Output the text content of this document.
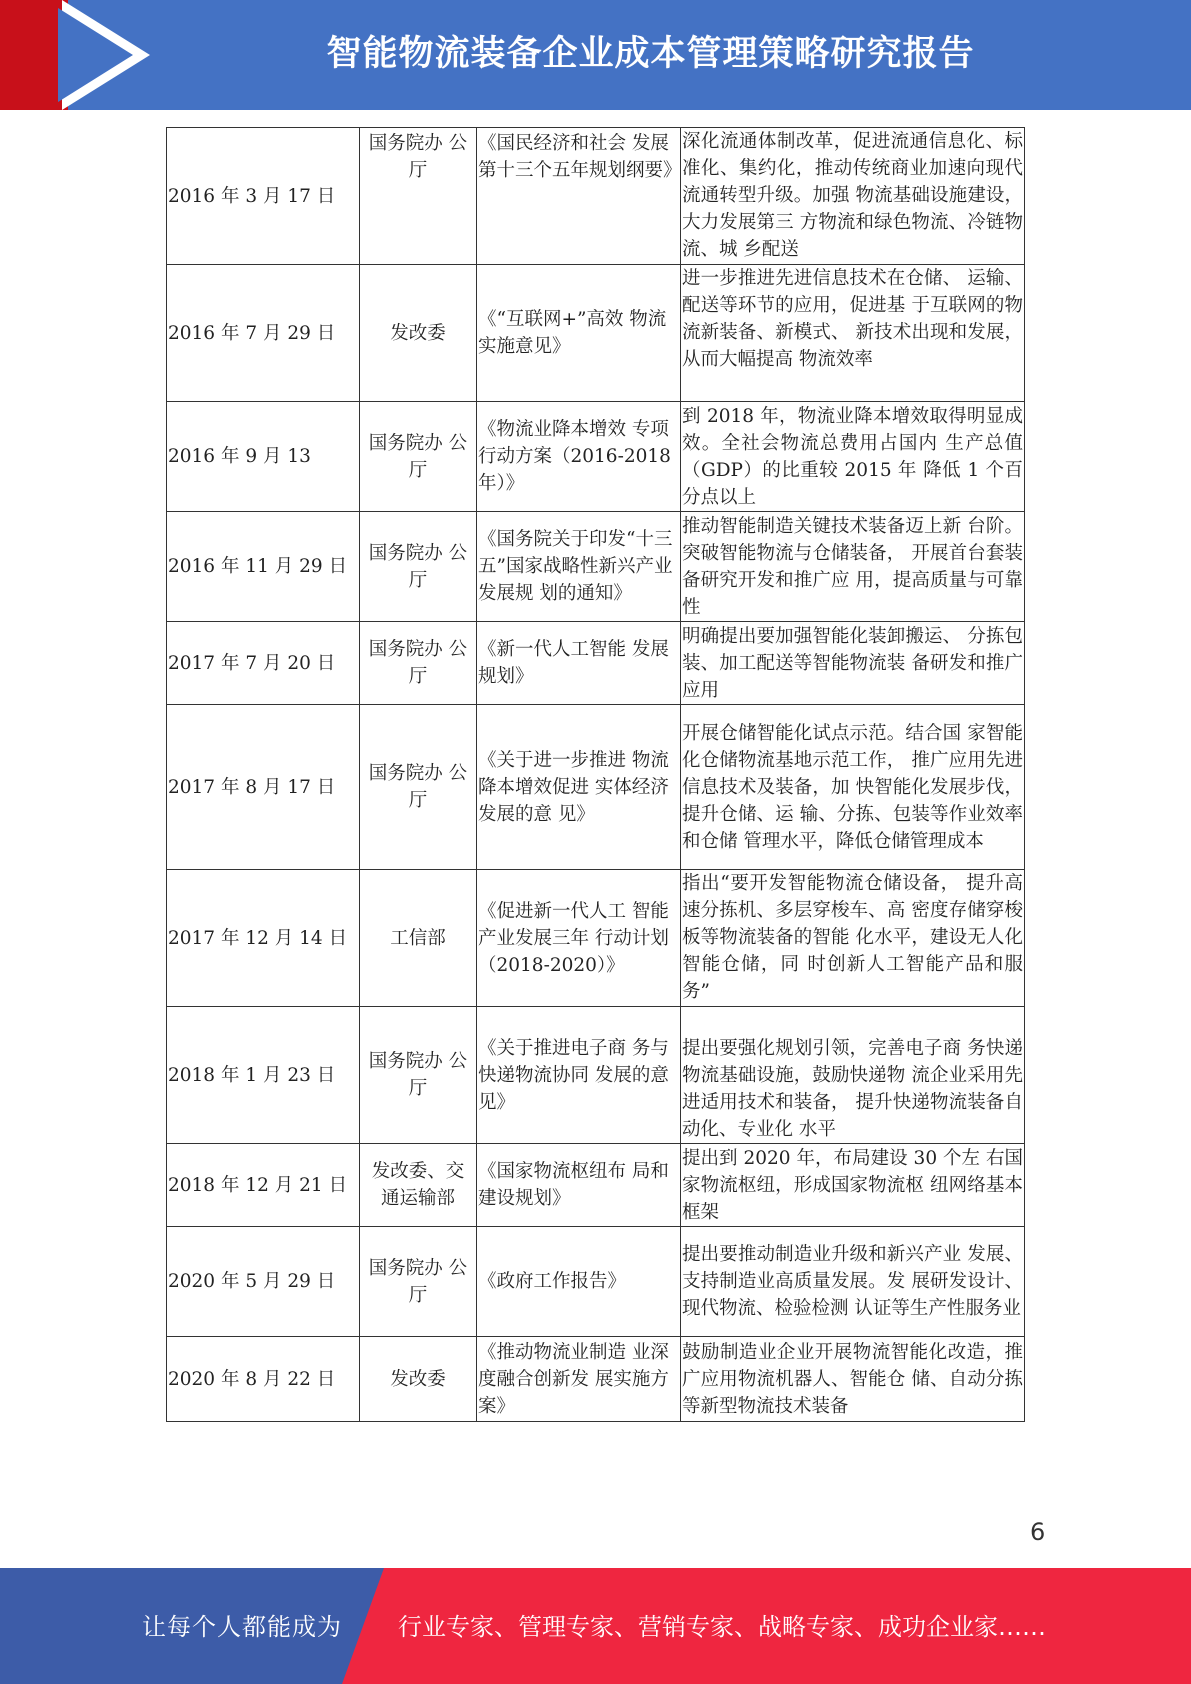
智能物流装备企业成本管理策略研究报告
2016 年 3 月 17 日	国务院办 公厅	《国民经济和社会 发展第十三个五年规划纲要》	深化流通体制改革，促进流通信息化、标准化、集约化，推动传统商业加速向现代流通转型升级。加强 物流基础设施建设，大力发展第三 方物流和绿色物流、冷链物流、城 乡配送
2016 年 7 月 29 日	发改委	《“互联网+”高效 物流实施意见》	进一步推进先进信息技术在仓储、 运输、配送等环节的应用，促进基 于互联网的物流新装备、新模式、 新技术出现和发展，从而大幅提高 物流效率
2016 年 9 月 13	国务院办 公厅	《物流业降本增效 专项行动方案（2016-2018 年）》	到 2018 年，物流业降本增效取得明显成效。全社会物流总费用占国内 生产总值（GDP）的比重较 2015 年 降低 1 个百分点以上
2016 年 11 月 29 日	国务院办 公厅	《国务院关于印发“十三五”国家战略性新兴产业发展规 划的通知》	推动智能制造关键技术装备迈上新 台阶。突破智能物流与仓储装备， 开展首台套装备研究开发和推广应 用，提高质量与可靠性
2017 年 7 月 20 日	国务院办 公厅	《新一代人工智能 发展规划》	明确提出要加强智能化装卸搬运、 分拣包装、加工配送等智能物流装 备研发和推广应用
2017 年 8 月 17 日	国务院办 公厅	《关于进一步推进 物流降本增效促进 实体经济发展的意 见》	开展仓储智能化试点示范。结合国 家智能化仓储物流基地示范工作， 推广应用先进信息技术及装备，加 快智能化发展步伐，提升仓储、运 输、分拣、包装等作业效率和仓储 管理水平，降低仓储管理成本
2017 年 12 月 14 日	工信部	《促进新一代人工 智能产业发展三年 行动计划（2018-2020）》	指出“要开发智能物流仓储设备， 提升高速分拣机、多层穿梭车、高 密度存储穿梭板等物流装备的智能 化水平，建设无人化智能仓储，同 时创新人工智能产品和服务”
2018 年 1 月 23 日	国务院办 公厅	《关于推进电子商 务与快递物流协同 发展的意见》	提出要强化规划引领，完善电子商 务快递物流基础设施，鼓励快递物 流企业采用先进适用技术和装备， 提升快递物流装备自动化、专业化 水平
2018 年 12 月 21 日	发改委、交 通运输部	《国家物流枢纽布 局和建设规划》	提出到 2020 年，布局建设 30 个左 右国家物流枢纽，形成国家物流枢 纽网络基本框架
2020 年 5 月 29 日	国务院办 公厅	《政府工作报告》	提出要推动制造业升级和新兴产业 发展、支持制造业高质量发展。发 展研发设计、现代物流、检验检测 认证等生产性服务业
2020 年 8 月 22 日	发改委	《推动物流业制造 业深度融合创新发 展实施方案》	鼓励制造业企业开展物流智能化改造，推广应用物流机器人、智能仓 储、自动分拣等新型物流技术装备
6
让每个人都能成为 行业专家、管理专家、营销专家、战略专家、成功企业家……
